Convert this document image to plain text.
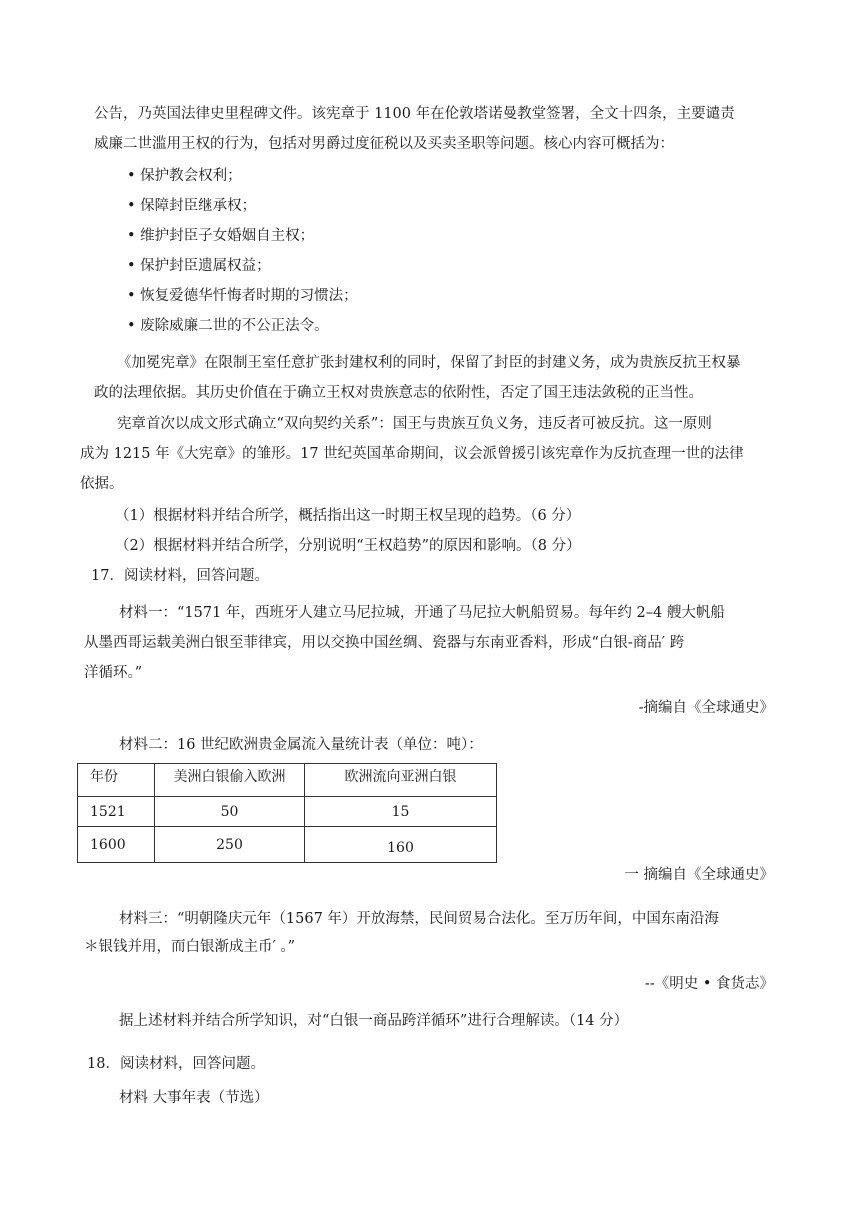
公告，乃英国法律史里程碑文件。该宪章于 1100 年在伦敦塔诺曼教堂签署，全文十四条，主要谴责
威廉二世滥用王权的行为，包括对男爵过度征税以及买卖圣职等问题。核心内容可概括为：
• 保护教会权利；
• 保障封臣继承权；
• 维护封臣子女婚姻自主权；
• 保护封臣遗属权益；
• 恢复爱德华忏悔者时期的习惯法；
• 废除威廉二世的不公正法令。
《加冕宪章》在限制王室任意扩张封建权利的同时，保留了封臣的封建义务，成为贵族反抗王权暴
政的法理依据。其历史价值在于确立王权对贵族意志的依附性，否定了国王违法敛税的正当性。
宪章首次以成文形式确立“双向契约关系”：国王与贵族互负义务，违反者可被反抗。这一原则
成为 1215 年《大宪章》的雏形。17 世纪英国革命期间，议会派曾援引该宪章作为反抗查理一世的法律
依据。
（1）根据材料并结合所学，概括指出这一时期王权呈现的趋势。（6 分）
（2）根据材料并结合所学，分别说明“王权趋势”的原因和影响。（8 分）
17．阅读材料，回答问题。
材料一：“1571 年，西班牙人建立马尼拉城，开通了马尼拉大帆船贸易。每年约 2–4 艘大帆船
从墨西哥运载美洲白银至菲律宾，用以交换中国丝绸、瓷器与东南亚香料，形成“白银-商品′ 跨
洋循环。”
-摘编自《全球通史》
材料二：16 世纪欧洲贵金属流入量统计表（单位：吨）：
年份	美洲白银偷入欧洲	欧洲流向亚洲白银
1521	50	15
1600	250	160
一 摘编自《全球通史》
材料三：“明朝隆庆元年（1567 年）开放海禁，民间贸易合法化。至万历年间，中国东南沿海
＊银钱并用，而白银渐成主币′ 。”
--《明史 • 食货志》
据上述材料并结合所学知识，对“白银一商品跨洋循环”进行合理解读。（14 分）
18．阅读材料，回答问题。
材料 大事年表（节选）
